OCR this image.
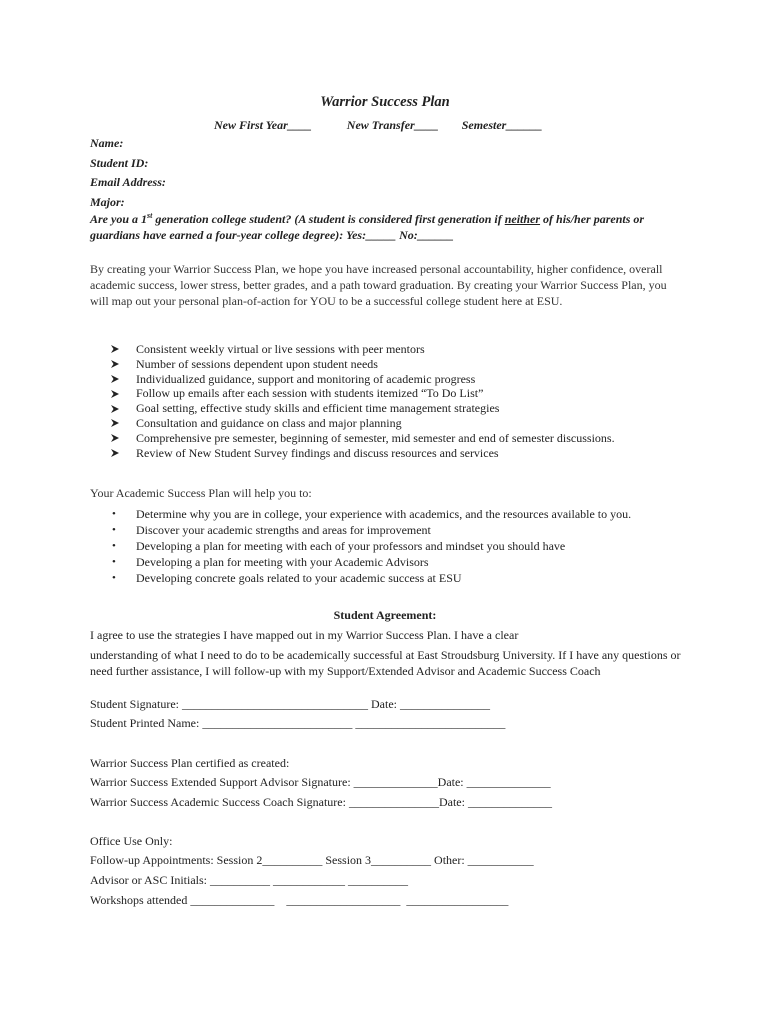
Warrior Success Plan
New First Year____	New Transfer____ Semester______
Name:
Student ID:
Email Address:
Major:
Are you a 1st generation college student? (A student is considered first generation if neither of his/her parents or guardians have earned a four-year college degree): Yes:_____ No:______
By creating your Warrior Success Plan, we hope you have increased personal accountability, higher confidence, overall academic success, lower stress, better grades, and a path toward graduation. By creating your Warrior Success Plan, you will map out your personal plan-of-action for YOU to be a successful college student here at ESU.
Consistent weekly virtual or live sessions with peer mentors
Number of sessions dependent upon student needs
Individualized guidance, support and monitoring of academic progress
Follow up emails after each session with students itemized “To Do List”
Goal setting, effective study skills and efficient time management strategies
Consultation and guidance on class and major planning
Comprehensive pre semester, beginning of semester, mid semester and end of semester discussions.
Review of New Student Survey findings and discuss resources and services
Your Academic Success Plan will help you to:
• Determine why you are in college, your experience with academics, and the resources available to you.
• Discover your academic strengths and areas for improvement
• Developing a plan for meeting with each of your professors and mindset you should have
• Developing a plan for meeting with your Academic Advisors
• Developing concrete goals related to your academic success at ESU
Student Agreement:
I agree to use the strategies I have mapped out in my Warrior Success Plan. I have a clear
understanding of what I need to do to be academically successful at East Stroudsburg University. If I have any questions or need further assistance, I will follow-up with my Support/Extended Advisor and Academic Success Coach
Student Signature: _______________________________ Date: _______________
Student Printed Name: _________________________ _________________________
Warrior Success Plan certified as created:
Warrior Success Extended Support Advisor Signature: ______________Date: ______________
Warrior Success Academic Success Coach Signature: _______________Date: ______________
Office Use Only:
Follow-up Appointments: Session 2__________ Session 3__________ Other: ___________
Advisor or ASC Initials: __________ ____________ __________
Workshops attended ______________    ___________________  _________________
